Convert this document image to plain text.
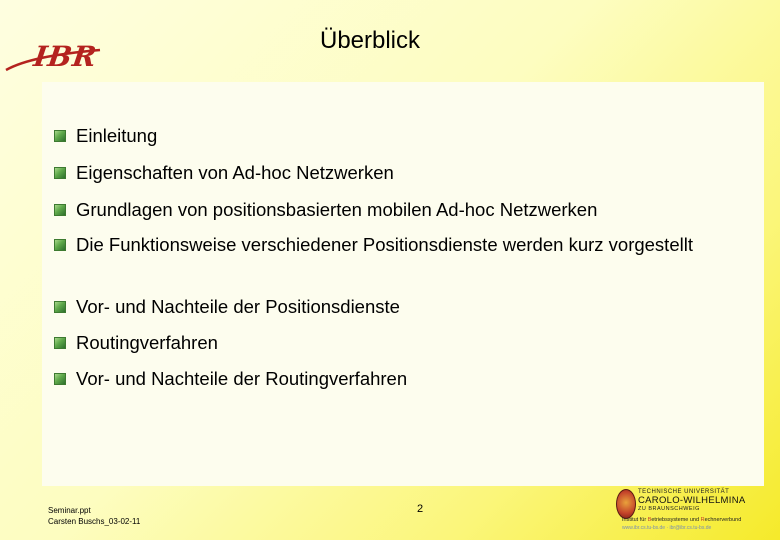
IBR	Überblick
Einleitung
Eigenschaften von Ad-hoc Netzwerken
Grundlagen von positionsbasierten mobilen Ad-hoc Netzwerken
Die Funktionsweise verschiedener Positionsdienste werden kurz vorgestellt
Vor- und Nachteile der Positionsdienste
Routingverfahren
Vor- und Nachteile der Routingverfahren
Seminar.ppt
Carsten Buschs_03-02-11
2
TECHNISCHE UNIVERSITÄT
CAROLO-WILHELMINA
ZU BRAUNSCHWEIG
Institut für Betriebssysteme und Rechnerverbund
www.ibr.cs.tu-bs.de · ibr@ibr.cs.tu-bs.de
